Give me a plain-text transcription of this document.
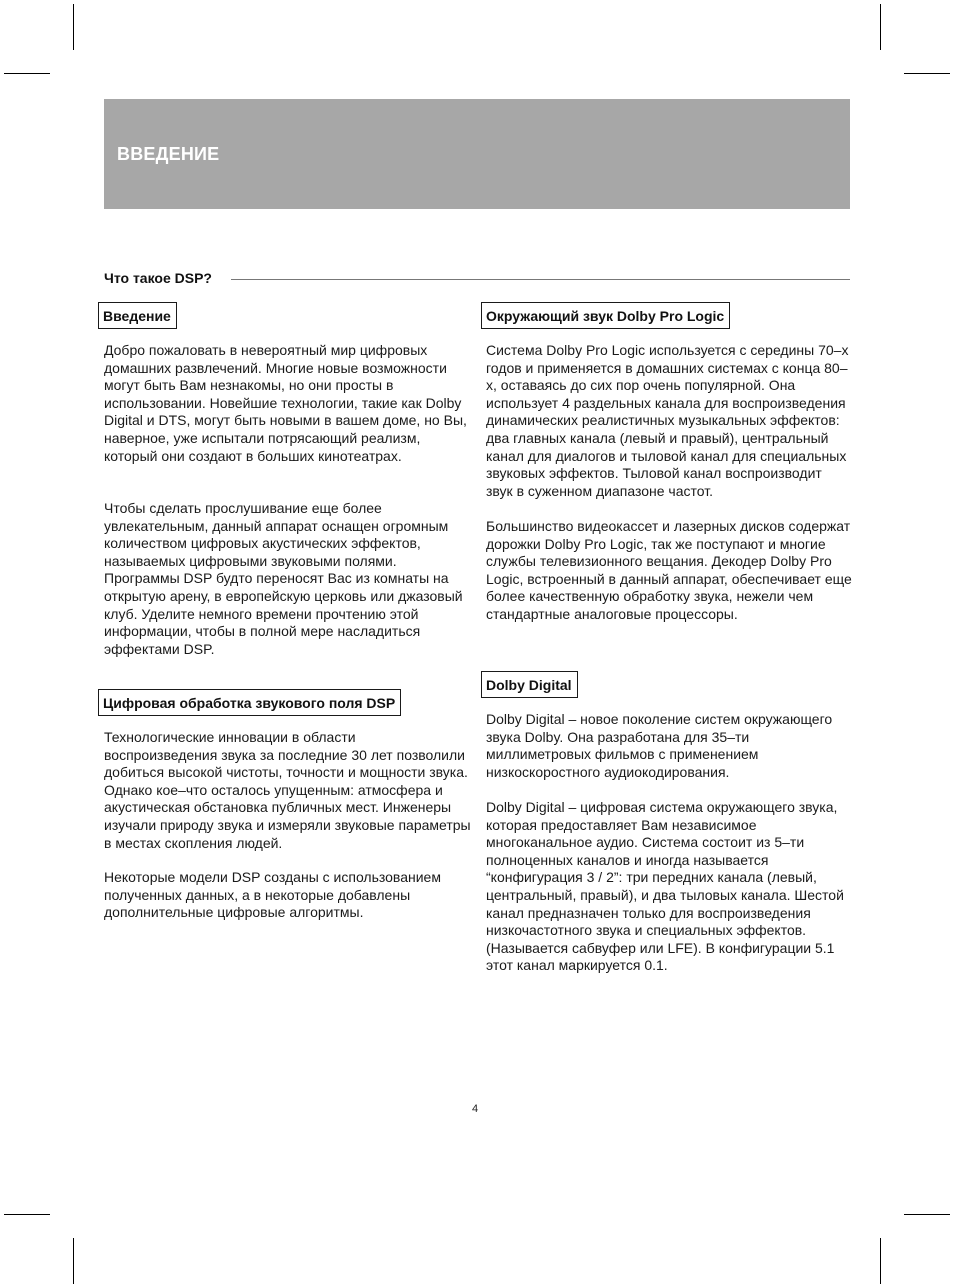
ВВЕДЕНИЕ
Что такое DSP?
Введение

Добро пожаловать в невероятный мир цифровых домашних развлечений. Многие новые возможности могут быть Вам незнакомы, но они просты в использовании. Новейшие технологии, такие как Dolby Digital и DTS, могут быть новыми в вашем доме, но Вы, наверное, уже испытали потрясающий реализм, который они создают в больших кинотеатрах.

Чтобы сделать прослушивание еще более увлекательным, данный аппарат оснащен огромным количеством цифровых акустических эффектов, называемых цифровыми звуковыми полями. Программы DSP будто переносят Вас из комнаты на открытую арену, в европейскую церковь или джазовый клуб. Уделите немного времени прочтению этой информации, чтобы в полной мере насладиться эффектами DSP.

Цифровая обработка звукового поля DSP

Технологические инновации в области воспроизведения звука за последние 30 лет позволили добиться высокой чистоты, точности и мощности звука. Однако кое–что осталось упущенным: атмосфера и акустическая обстановка публичных мест. Инженеры изучали природу звука и измеряли звуковые параметры в местах скопления людей.

Некоторые модели DSP созданы с использованием полученных данных, а в некоторые добавлены дополнительные цифровые алгоритмы.

Окружающий звук Dolby Pro Logic

Система Dolby Pro Logic используется с середины 70–х годов и применяется в домашних системах с конца 80–х, оставаясь до сих пор очень популярной. Она использует 4 раздельных канала для воспроизведения динамических реалистичных музыкальных эффектов: два главных канала (левый и правый), центральный канал для диалогов и тыловой канал для специальных звуковых эффектов. Тыловой канал воспроизводит звук в суженном диапазоне частот.

Большинство видеокассет и лазерных дисков содержат дорожки Dolby Pro Logic, так же поступают и многие службы телевизионного вещания. Декодер Dolby Pro Logic, встроенный в данный аппарат, обеспечивает еще более качественную обработку звука, нежели чем стандартные аналоговые процессоры.

Dolby Digital

Dolby Digital – новое поколение систем окружающего звука Dolby. Она разработана для 35–ти миллиметровых фильмов с применением низкоскоростного аудиокодирования.

Dolby Digital – цифровая система окружающего звука, которая предоставляет Вам независимое многоканальное аудио. Система состоит из 5–ти полноценных каналов и иногда называется “конфигурация 3 / 2”: три передних канала (левый, центральный, правый), и два тыловых канала. Шестой канал предназначен только для воспроизведения низкочастотного звука и специальных эффектов. (Называется сабвуфер или LFE). В конфигурации 5.1 этот канал маркируется 0.1.

4
